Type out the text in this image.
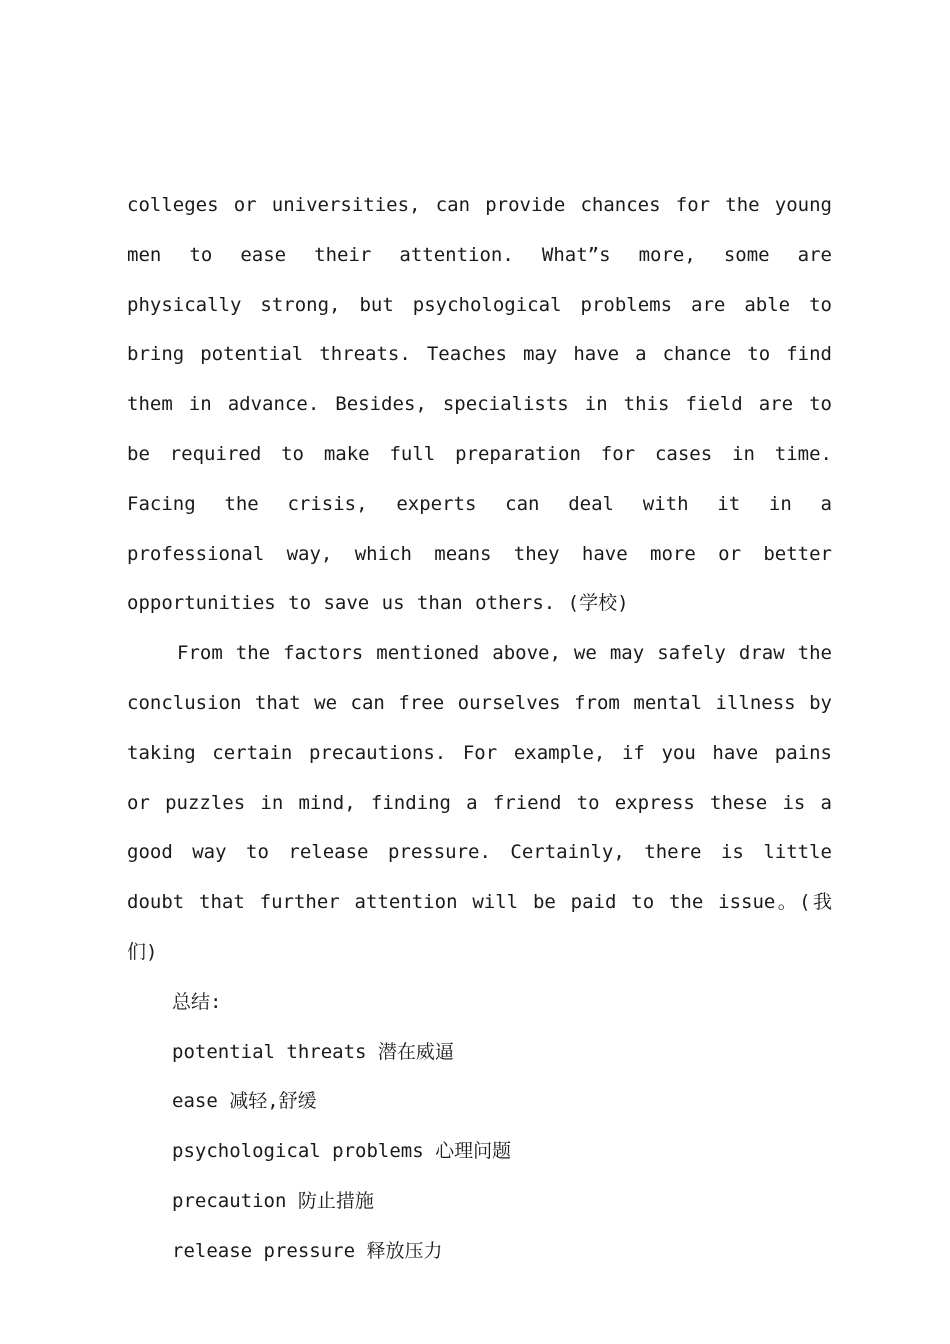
colleges or universities, can provide chances for the young men to ease their attention. What”s more, some are physically strong, but psychological problems are able to bring potential threats. Teaches may have a chance to find them in advance. Besides, specialists in this field are to be required to make full preparation for cases in time. Facing the crisis, experts can deal with it in a professional way, which means they have more or better opportunities to save us than others. (学校)

From the factors mentioned above, we may safely draw the conclusion that we can free ourselves from mental illness by taking certain precautions. For example, if you have pains or puzzles in mind, finding a friend to express these is a good way to release pressure. Certainly, there is little doubt that further attention will be paid to the issue。(我们)

总结:
potential threats 潜在威逼
ease 减轻,舒缓
psychological problems 心理问题
precaution 防止措施
release pressure 释放压力
